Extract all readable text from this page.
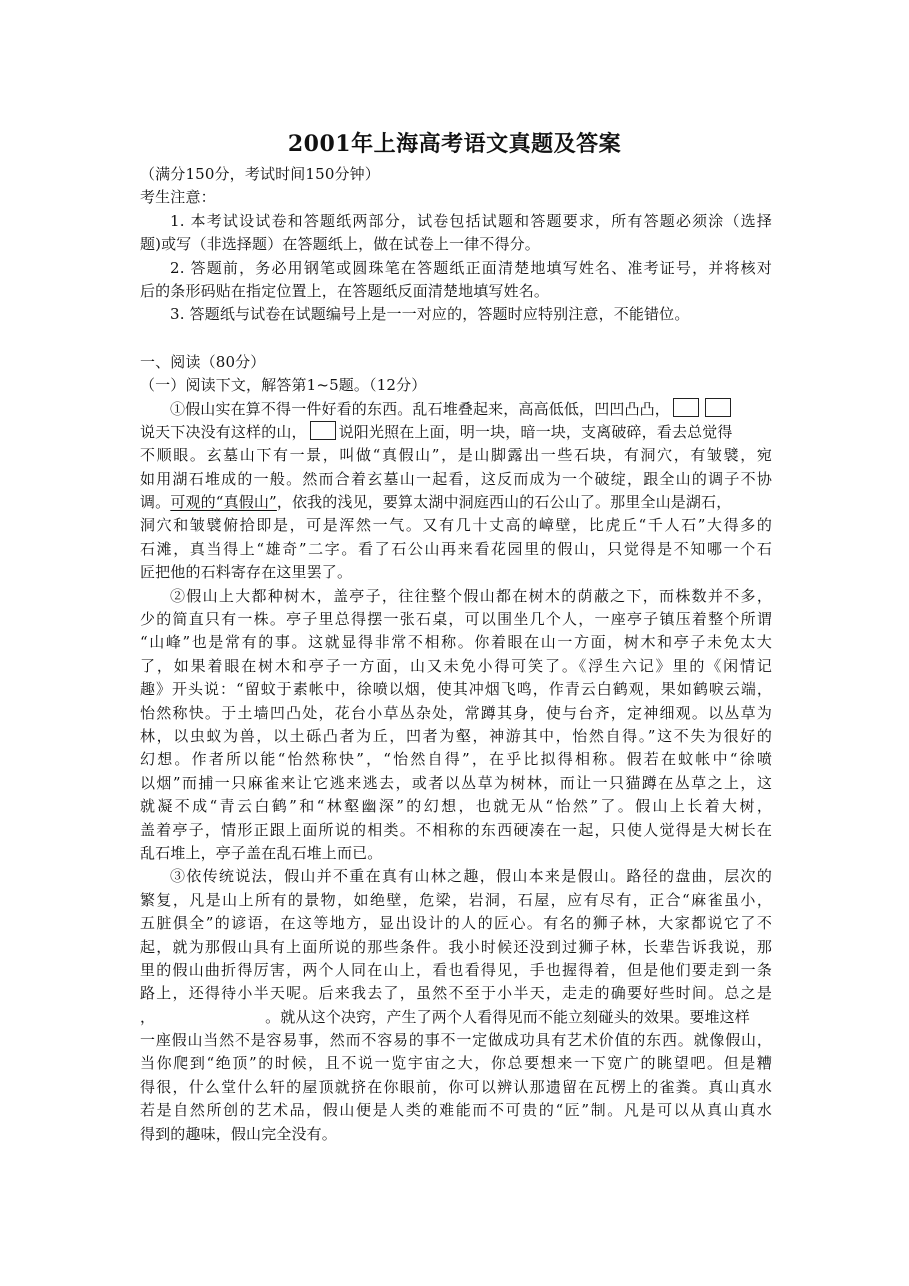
2001年上海高考语文真题及答案
（满分150分，考试时间150分钟）
考生注意：
1. 本考试设试卷和答题纸两部分，试卷包括试题和答题要求，所有答题必须涂（选择
题)或写（非选择题）在答题纸上，做在试卷上一律不得分。
2. 答题前，务必用钢笔或圆珠笔在答题纸正面清楚地填写姓名、准考证号，并将核对
后的条形码贴在指定位置上，在答题纸反面清楚地填写姓名。
3. 答题纸与试卷在试题编号上是一一对应的，答题时应特别注意，不能错位。
一、阅读（80分）
（一）阅读下文，解答第1~5题。（12分）
①假山实在算不得一件好看的东西。乱石堆叠起来，高高低低，凹凹凸凸，
说天下决没有这样的山， 说阳光照在上面，明一块，暗一块，支离破碎，看去总觉得
不顺眼。玄墓山下有一景，叫做“真假山”，是山脚露出一些石块，有洞穴，有皱襞，宛
如用湖石堆成的一般。然而合着玄墓山一起看，这反而成为一个破绽，跟全山的调子不协
调。可观的“真假山”，依我的浅见，要算太湖中洞庭西山的石公山了。那里全山是湖石，
洞穴和皱襞俯拾即是，可是浑然一气。又有几十丈高的嶂壁，比虎丘“千人石”大得多的
石滩，真当得上“雄奇”二字。看了石公山再来看花园里的假山，只觉得是不知哪一个石
匠把他的石料寄存在这里罢了。
②假山上大都种树木，盖亭子，往往整个假山都在树木的荫蔽之下，而株数并不多，
少的简直只有一株。亭子里总得摆一张石桌，可以围坐几个人，一座亭子镇压着整个所谓
“山峰”也是常有的事。这就显得非常不相称。你着眼在山一方面，树木和亭子未免太大
了，如果着眼在树木和亭子一方面，山又未免小得可笑了。《浮生六记》里的《闲情记
趣》开头说：“留蚊于素帐中，徐喷以烟，使其冲烟飞鸣，作青云白鹤观，果如鹤唳云端，
怡然称快。于土墙凹凸处，花台小草丛杂处，常蹲其身，使与台齐，定神细观。以丛草为
林，以虫蚁为兽，以土砾凸者为丘，凹者为壑，神游其中，怡然自得。”这不失为很好的
幻想。作者所以能“怡然称快”，“怡然自得”，在乎比拟得相称。假若在蚊帐中“徐喷
以烟”而捕一只麻雀来让它逃来逃去，或者以丛草为树林，而让一只猫蹲在丛草之上，这
就凝不成“青云白鹤”和“林壑幽深”的幻想，也就无从“怡然”了。假山上长着大树，
盖着亭子，情形正跟上面所说的相类。不相称的东西硬凑在一起，只使人觉得是大树长在
乱石堆上，亭子盖在乱石堆上而已。
③依传统说法，假山并不重在真有山林之趣，假山本来是假山。路径的盘曲，层次的
繁复，凡是山上所有的景物，如绝壁，危梁，岩洞，石屋，应有尽有，正合“麻雀虽小，
五脏俱全”的谚语，在这等地方，显出设计的人的匠心。有名的狮子林，大家都说它了不
起，就为那假山具有上面所说的那些条件。我小时候还没到过狮子林，长辈告诉我说，那
里的假山曲折得厉害，两个人同在山上，看也看得见，手也握得着，但是他们要走到一条
路上，还得待小半天呢。后来我去了，虽然不至于小半天，走走的确要好些时间。总之是
，	。就从这个决窍，产生了两个人看得见而不能立刻碰头的效果。要堆这样
一座假山当然不是容易事，然而不容易的事不一定做成功具有艺术价值的东西。就像假山，
当你爬到“绝顶”的时候，且不说一览宇宙之大，你总要想来一下宽广的眺望吧。但是糟
得很，什么堂什么轩的屋顶就挤在你眼前，你可以辨认那遗留在瓦楞上的雀粪。真山真水
若是自然所创的艺术品，假山便是人类的难能而不可贵的“匠”制。凡是可以从真山真水
得到的趣味，假山完全没有。
